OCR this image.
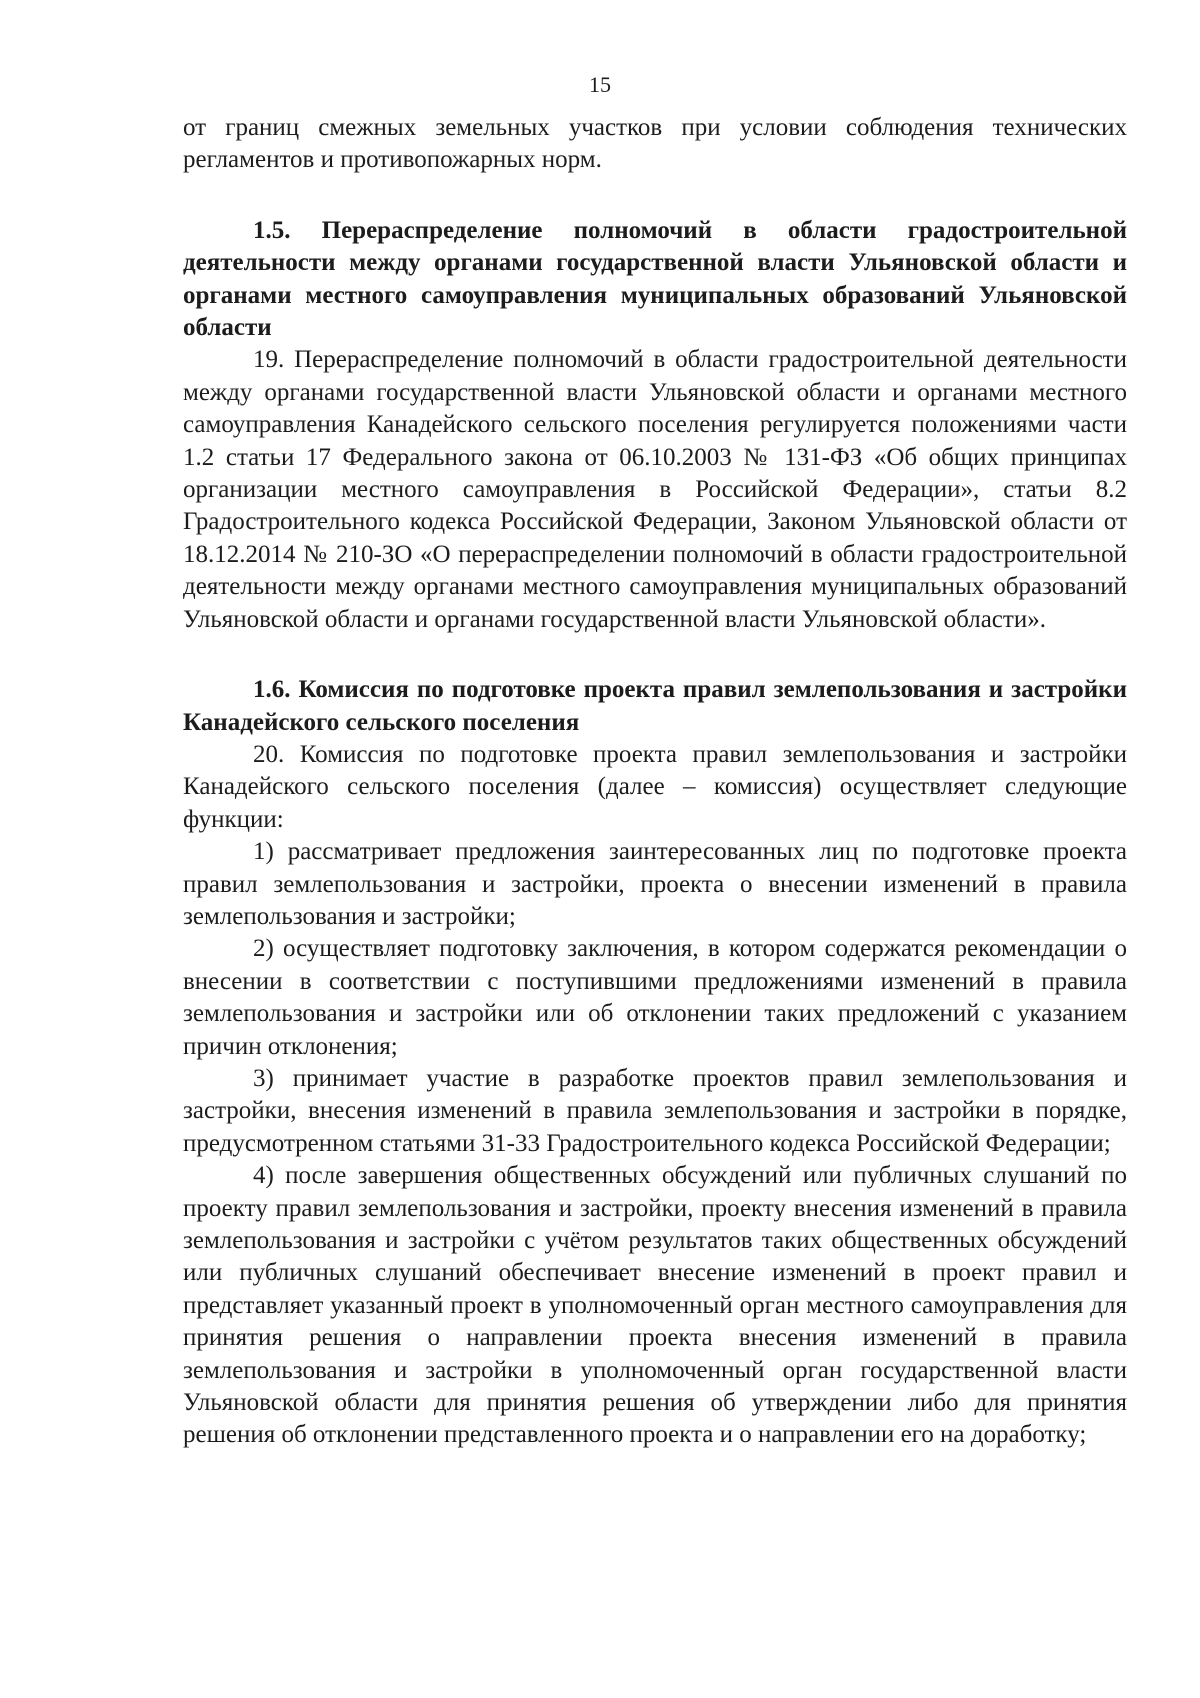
15

от границ смежных земельных участков при условии соблюдения технических регламентов и противопожарных норм.

1.5. Перераспределение полномочий в области градостроительной деятельности между органами государственной власти Ульяновской области и органами местного самоуправления муниципальных образований Ульяновской области

19. Перераспределение полномочий в области градостроительной деятельности между органами государственной власти Ульяновской области и органами местного самоуправления Канадейского сельского поселения регулируется положениями части 1.2 статьи 17 Федерального закона от 06.10.2003 № 131-ФЗ «Об общих принципах организации местного самоуправления в Российской Федерации», статьи 8.2 Градостроительного кодекса Российской Федерации, Законом Ульяновской области от 18.12.2014 № 210-ЗО «О перераспределении полномочий в области градостроительной деятельности между органами местного самоуправления муниципальных образований Ульяновской области и органами государственной власти Ульяновской области».

1.6. Комиссия по подготовке проекта правил землепользования и застройки Канадейского сельского поселения

20. Комиссия по подготовке проекта правил землепользования и застройки Канадейского сельского поселения (далее – комиссия) осуществляет следующие функции:

1) рассматривает предложения заинтересованных лиц по подготовке проекта правил землепользования и застройки, проекта о внесении изменений в правила землепользования и застройки;

2) осуществляет подготовку заключения, в котором содержатся рекомендации о внесении в соответствии с поступившими предложениями изменений в правила землепользования и застройки или об отклонении таких предложений с указанием причин отклонения;

3) принимает участие в разработке проектов правил землепользования и застройки, внесения изменений в правила землепользования и застройки в порядке, предусмотренном статьями 31-33 Градостроительного кодекса Российской Федерации;

4) после завершения общественных обсуждений или публичных слушаний по проекту правил землепользования и застройки, проекту внесения изменений в правила землепользования и застройки с учётом результатов таких общественных обсуждений или публичных слушаний обеспечивает внесение изменений в проект правил и представляет указанный проект в уполномоченный орган местного самоуправления для принятия решения о направлении проекта внесения изменений в правила землепользования и застройки в уполномоченный орган государственной власти Ульяновской области для принятия решения об утверждении либо для принятия решения об отклонении представленного проекта и о направлении его на доработку;
